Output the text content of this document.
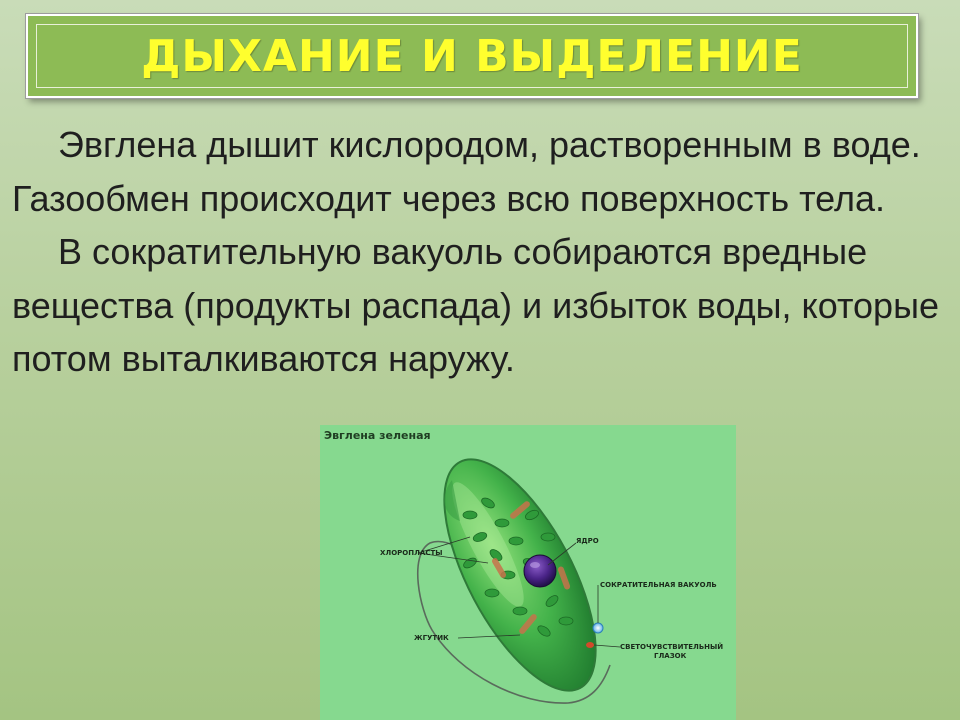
ДЫХАНИЕ И ВЫДЕЛЕНИЕ

Эвглена дышит кислородом, растворенным в воде. Газообмен происходит через всю поверхность тела.

В сократительную вакуоль собираются вредные вещества (продукты распада) и избыток воды, которые потом выталкиваются наружу.

Эвглена зеленая
ХЛОРОПЛАСТЫ
ЯДРО
СОКРАТИТЕЛЬНАЯ ВАКУОЛЬ
ЖГУТИК
СВЕТОЧУВСТВИТЕЛЬНЫЙ
ГЛАЗОК
